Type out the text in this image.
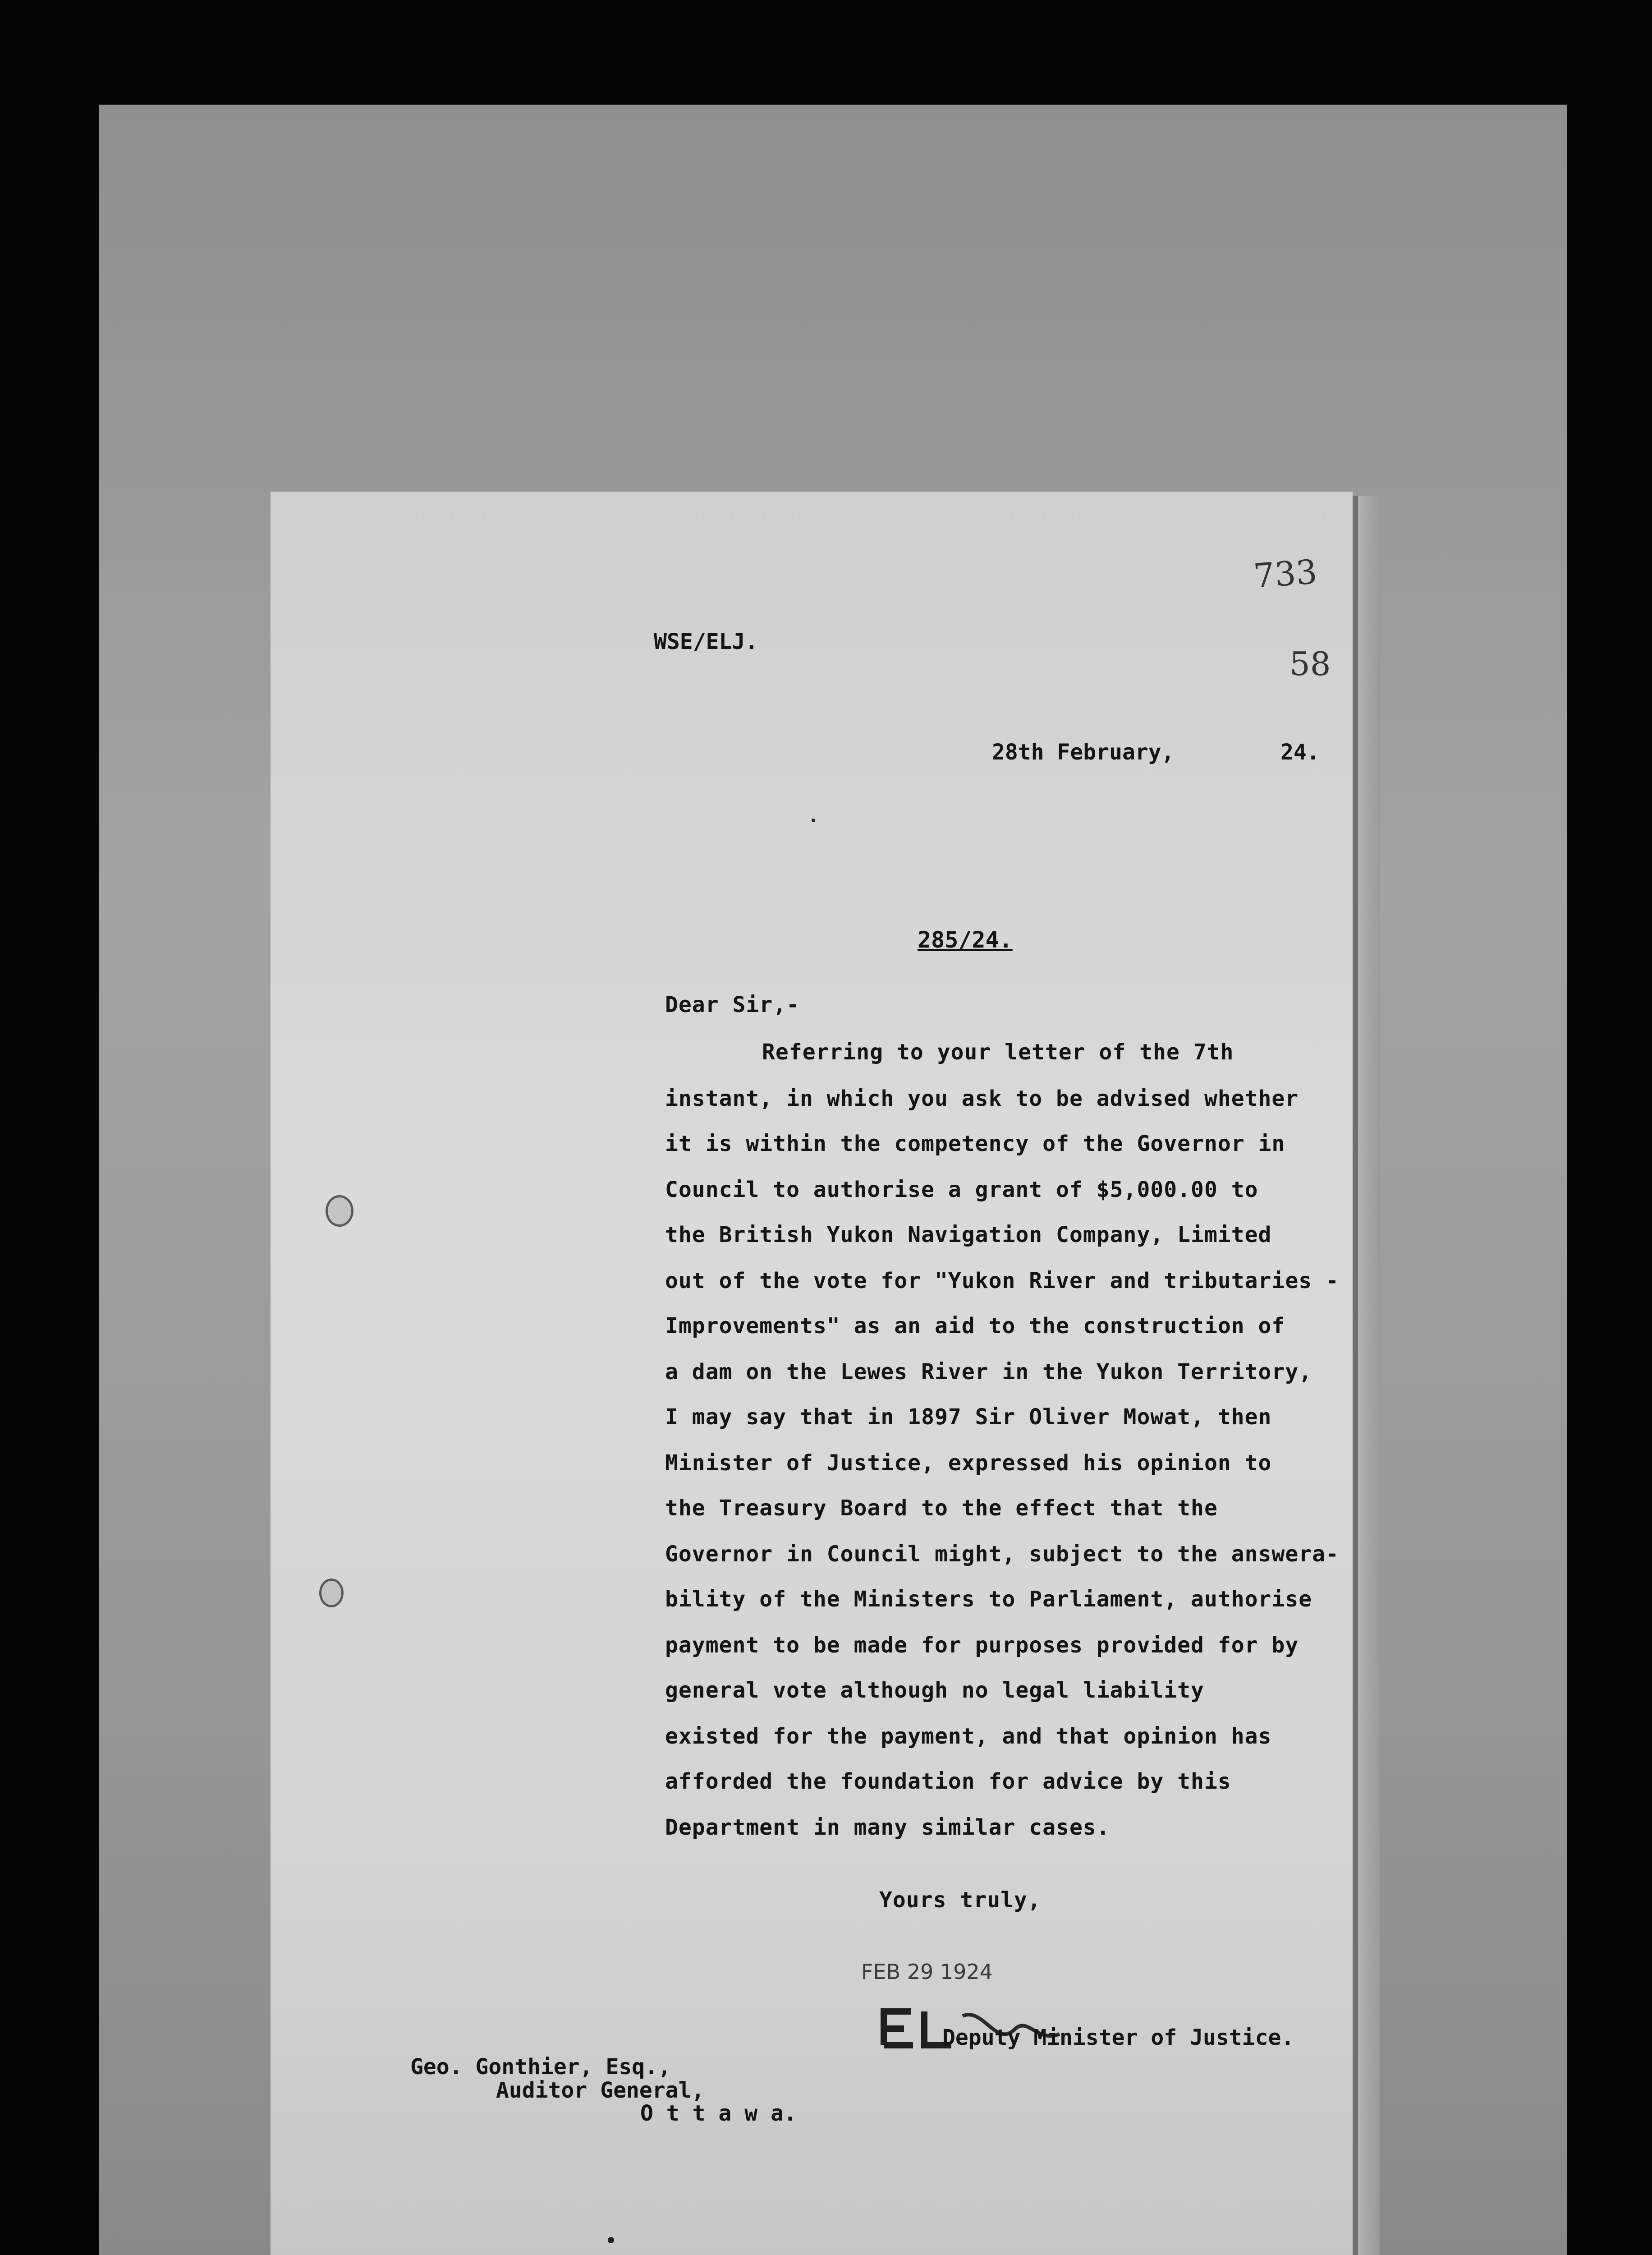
733
58
WSE/ELJ.
28th February,	24.
285/24.
Dear Sir,-
Referring to your letter of the 7th
instant, in which you ask to be advised whether
it is within the competency of the Governor in
Council to authorise a grant of $5,000.00 to
the British Yukon Navigation Company, Limited
out of the vote for "Yukon River and tributaries -
Improvements" as an aid to the construction of
a dam on the Lewes River in the Yukon Territory,
I may say that in 1897 Sir Oliver Mowat, then
Minister of Justice, expressed his opinion to
the Treasury Board to the effect that the
Governor in Council might, subject to the answera-
bility of the Ministers to Parliament, authorise
payment to be made for purposes provided for by
general vote although no legal liability
existed for the payment, and that opinion has
afforded the foundation for advice by this
Department in many similar cases.
Yours truly,
FEB 29 1924
Deputy Minister of Justice.
Geo. Gonthier, Esq.,
Auditor General,
O t t a w a.
